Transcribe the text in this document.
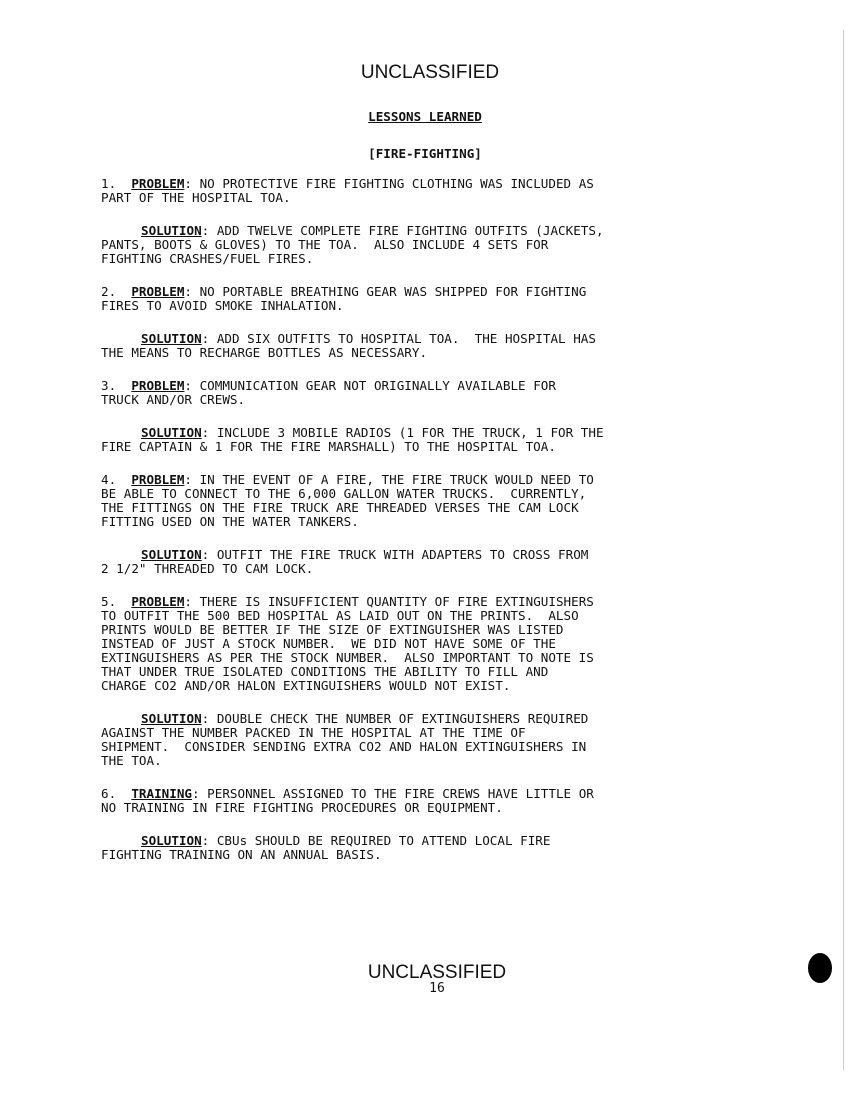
UNCLASSIFIED
LESSONS LEARNED
[FIRE-FIGHTING]
1. PROBLEM: NO PROTECTIVE FIRE FIGHTING CLOTHING WAS INCLUDED AS
PART OF THE HOSPITAL TOA.
SOLUTION: ADD TWELVE COMPLETE FIRE FIGHTING OUTFITS (JACKETS,
PANTS, BOOTS & GLOVES) TO THE TOA.  ALSO INCLUDE 4 SETS FOR
FIGHTING CRASHES/FUEL FIRES.
2. PROBLEM: NO PORTABLE BREATHING GEAR WAS SHIPPED FOR FIGHTING
FIRES TO AVOID SMOKE INHALATION.
SOLUTION: ADD SIX OUTFITS TO HOSPITAL TOA.  THE HOSPITAL HAS
THE MEANS TO RECHARGE BOTTLES AS NECESSARY.
3. PROBLEM: COMMUNICATION GEAR NOT ORIGINALLY AVAILABLE FOR
TRUCK AND/OR CREWS.
SOLUTION: INCLUDE 3 MOBILE RADIOS (1 FOR THE TRUCK, 1 FOR THE
FIRE CAPTAIN & 1 FOR THE FIRE MARSHALL) TO THE HOSPITAL TOA.
4. PROBLEM: IN THE EVENT OF A FIRE, THE FIRE TRUCK WOULD NEED TO
BE ABLE TO CONNECT TO THE 6,000 GALLON WATER TRUCKS.  CURRENTLY,
THE FITTINGS ON THE FIRE TRUCK ARE THREADED VERSES THE CAM LOCK
FITTING USED ON THE WATER TANKERS.
SOLUTION: OUTFIT THE FIRE TRUCK WITH ADAPTERS TO CROSS FROM
2 1/2" THREADED TO CAM LOCK.
5. PROBLEM: THERE IS INSUFFICIENT QUANTITY OF FIRE EXTINGUISHERS
TO OUTFIT THE 500 BED HOSPITAL AS LAID OUT ON THE PRINTS.  ALSO
PRINTS WOULD BE BETTER IF THE SIZE OF EXTINGUISHER WAS LISTED
INSTEAD OF JUST A STOCK NUMBER.  WE DID NOT HAVE SOME OF THE
EXTINGUISHERS AS PER THE STOCK NUMBER.  ALSO IMPORTANT TO NOTE IS
THAT UNDER TRUE ISOLATED CONDITIONS THE ABILITY TO FILL AND
CHARGE CO2 AND/OR HALON EXTINGUISHERS WOULD NOT EXIST.
SOLUTION: DOUBLE CHECK THE NUMBER OF EXTINGUISHERS REQUIRED
AGAINST THE NUMBER PACKED IN THE HOSPITAL AT THE TIME OF
SHIPMENT.  CONSIDER SENDING EXTRA CO2 AND HALON EXTINGUISHERS IN
THE TOA.
6. TRAINING: PERSONNEL ASSIGNED TO THE FIRE CREWS HAVE LITTLE OR
NO TRAINING IN FIRE FIGHTING PROCEDURES OR EQUIPMENT.
SOLUTION: CBUs SHOULD BE REQUIRED TO ATTEND LOCAL FIRE
FIGHTING TRAINING ON AN ANNUAL BASIS.
UNCLASSIFIED
16
